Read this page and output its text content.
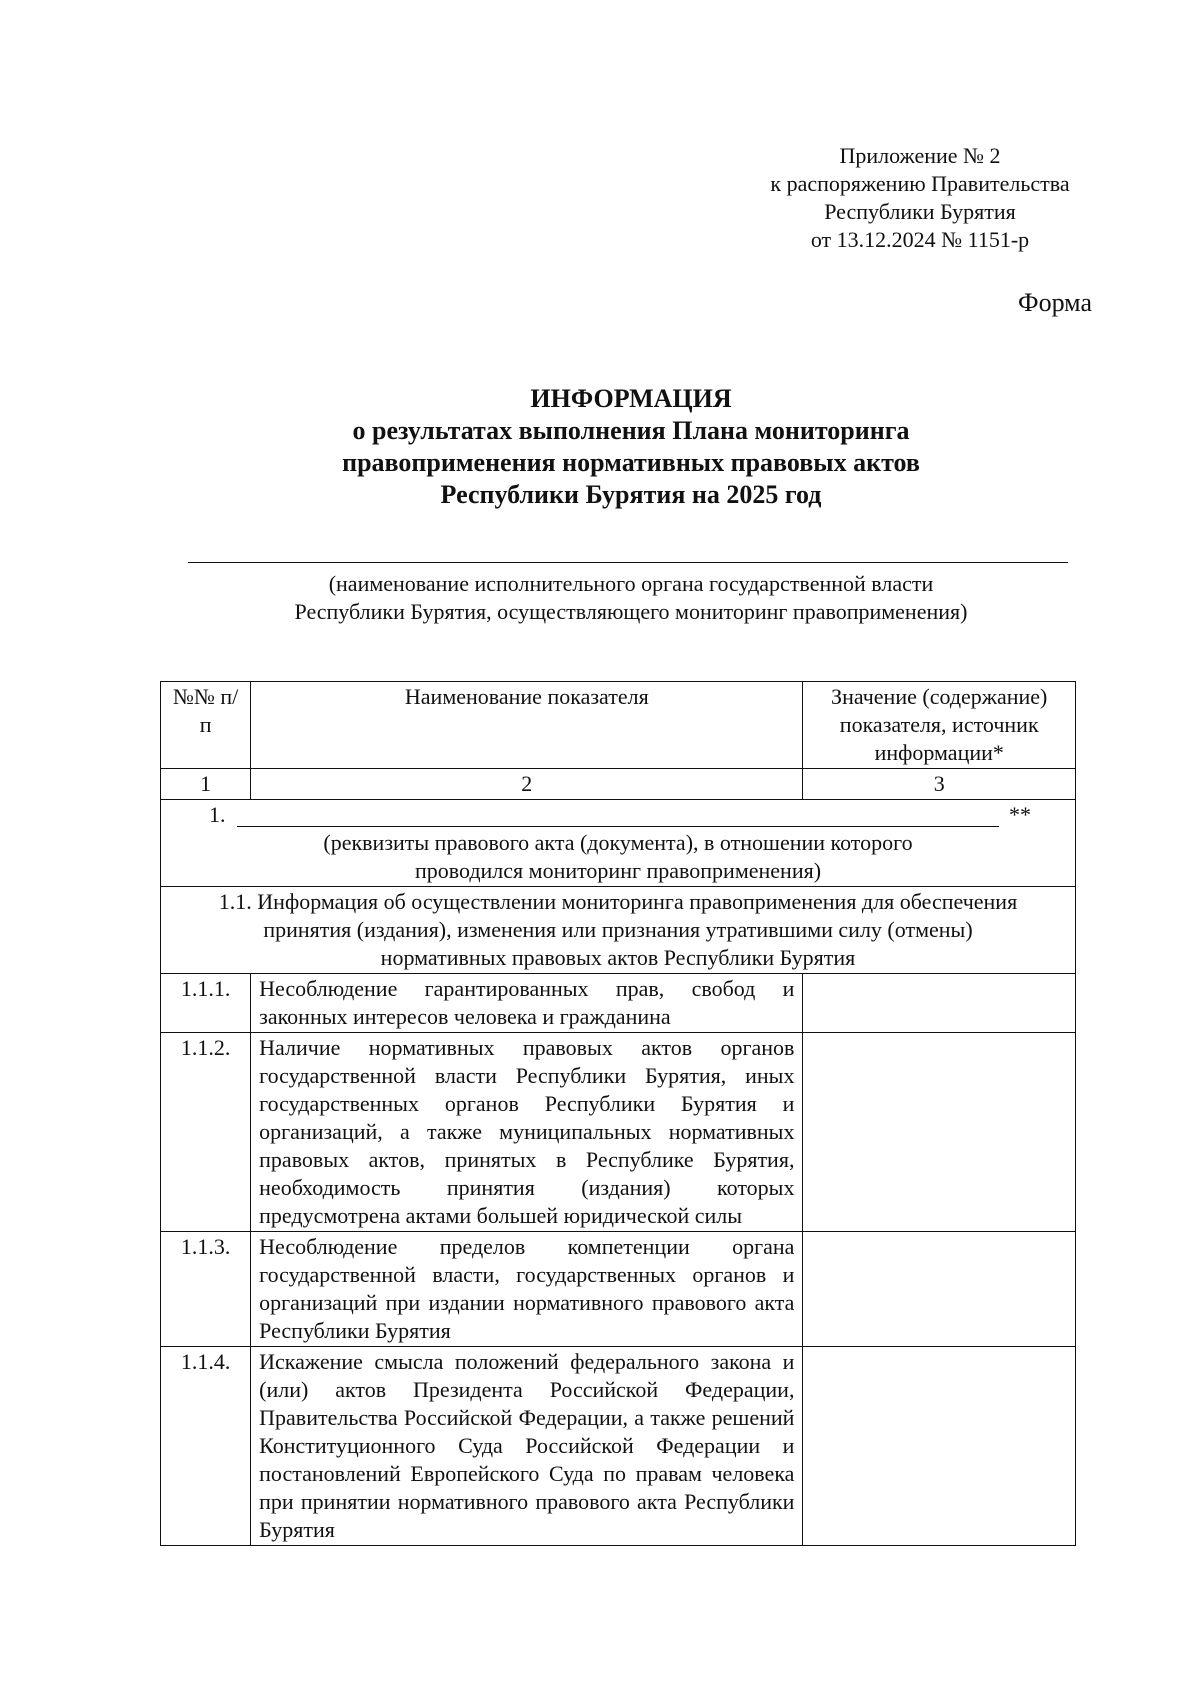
Приложение № 2
к распоряжению Правительства
Республики Бурятия
от 13.12.2024 № 1151-р
Форма
ИНФОРМАЦИЯ
о результатах выполнения Плана мониторинга
правоприменения нормативных правовых актов
Республики Бурятия на 2025 год
(наименование исполнительного органа государственной власти
Республики Бурятия, осуществляющего мониторинг правоприменения)
№№ п/п	Наименование показателя	Значение (содержание) показателя, источник информации*
1	2	3

1. **
(реквизиты правового акта (документа), в отношении которого
проводился мониторинг правоприменения)		

1.1. Информация об осуществлении мониторинга правоприменения для обеспечения
принятия (издания), изменения или признания утратившими силу (отмены)
нормативных правовых актов Республики Бурятия		

1.1.1.	Несоблюдение гарантированных прав, свобод и законных интересов человека и гражданина	
1.1.2.	Наличие нормативных правовых актов органов государственной власти Республики Бурятия, иных государственных органов Республики Бурятия и организаций, а также муниципальных нормативных правовых актов, принятых в Республике Бурятия, необходимость принятия (издания) которых предусмотрена актами большей юридической силы	
1.1.3.	Несоблюдение пределов компетенции органа государственной власти, государственных органов и организаций при издании нормативного правового акта Республики Бурятия	
1.1.4.	Искажение смысла положений федерального закона и (или) актов Президента Российской Федерации, Правительства Российской Федерации, а также решений Конституционного Суда Российской Федерации и постановлений Европейского Суда по правам человека при принятии нормативного правового акта Республики Бурятия	
